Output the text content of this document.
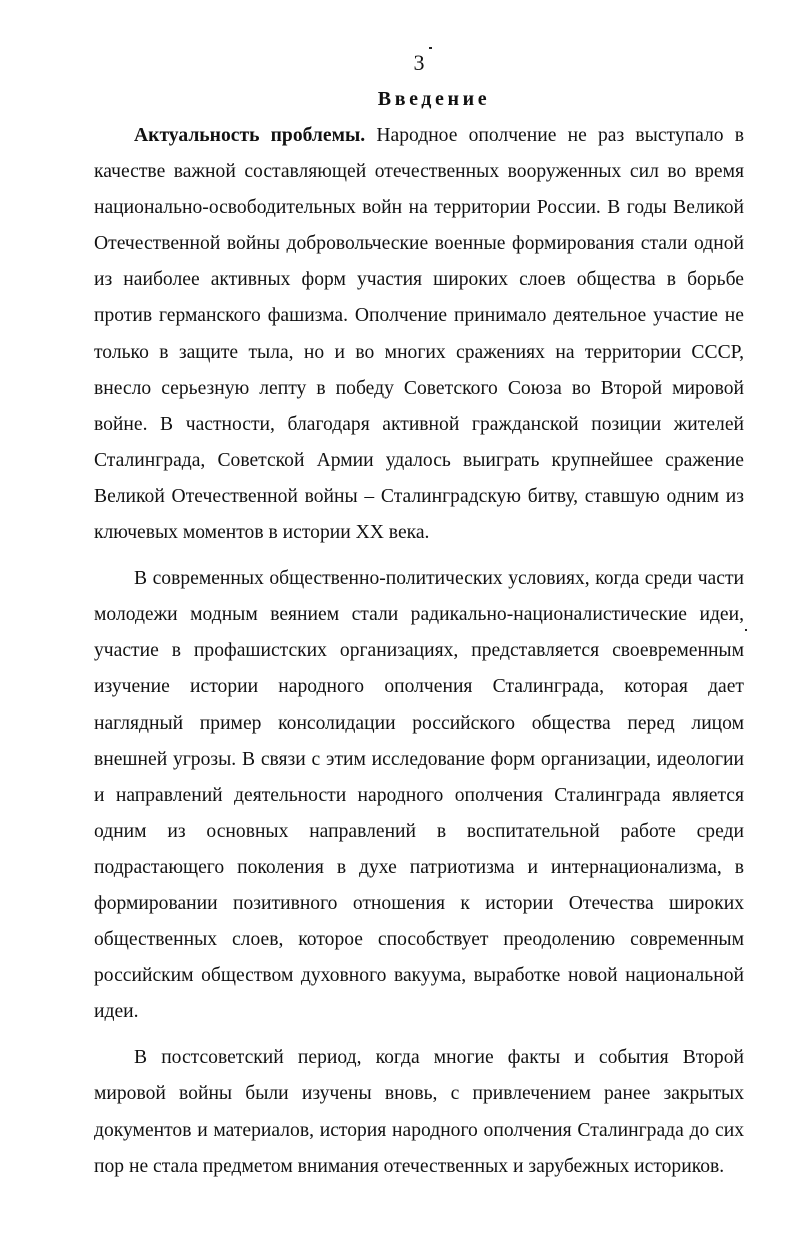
3
Введение

Актуальность проблемы. Народное ополчение не раз выступало в качестве важной составляющей отечественных вооруженных сил во время национально-освободительных войн на территории России. В годы Великой Отечественной войны добровольческие военные формирования стали одной из наиболее активных форм участия широких слоев общества в борьбе против германского фашизма. Ополчение принимало деятельное участие не только в защите тыла, но и во многих сражениях на территории СССР, внесло серьезную лепту в победу Советского Союза во Второй мировой войне. В частности, благодаря активной гражданской позиции жителей Сталинграда, Советской Армии удалось выиграть крупнейшее сражение Великой Отечественной войны – Сталинградскую битву, ставшую одним из ключевых моментов в истории XX века.

В современных общественно-политических условиях, когда среди части молодежи модным веянием стали радикально-националистические идеи, участие в профашистских организациях, представляется своевременным изучение истории народного ополчения Сталинграда, которая дает наглядный пример консолидации российского общества перед лицом внешней угрозы. В связи с этим исследование форм организации, идеологии и направлений деятельности народного ополчения Сталинграда является одним из основных направлений в воспитательной работе среди подрастающего поколения в духе патриотизма и интернационализма, в формировании позитивного отношения к истории Отечества широких общественных слоев, которое способствует преодолению современным российским обществом духовного вакуума, выработке новой национальной идеи.

В постсоветский период, когда многие факты и события Второй мировой войны были изучены вновь, с привлечением ранее закрытых документов и материалов, история народного ополчения Сталинграда до сих пор не стала предметом внимания отечественных и зарубежных историков.
